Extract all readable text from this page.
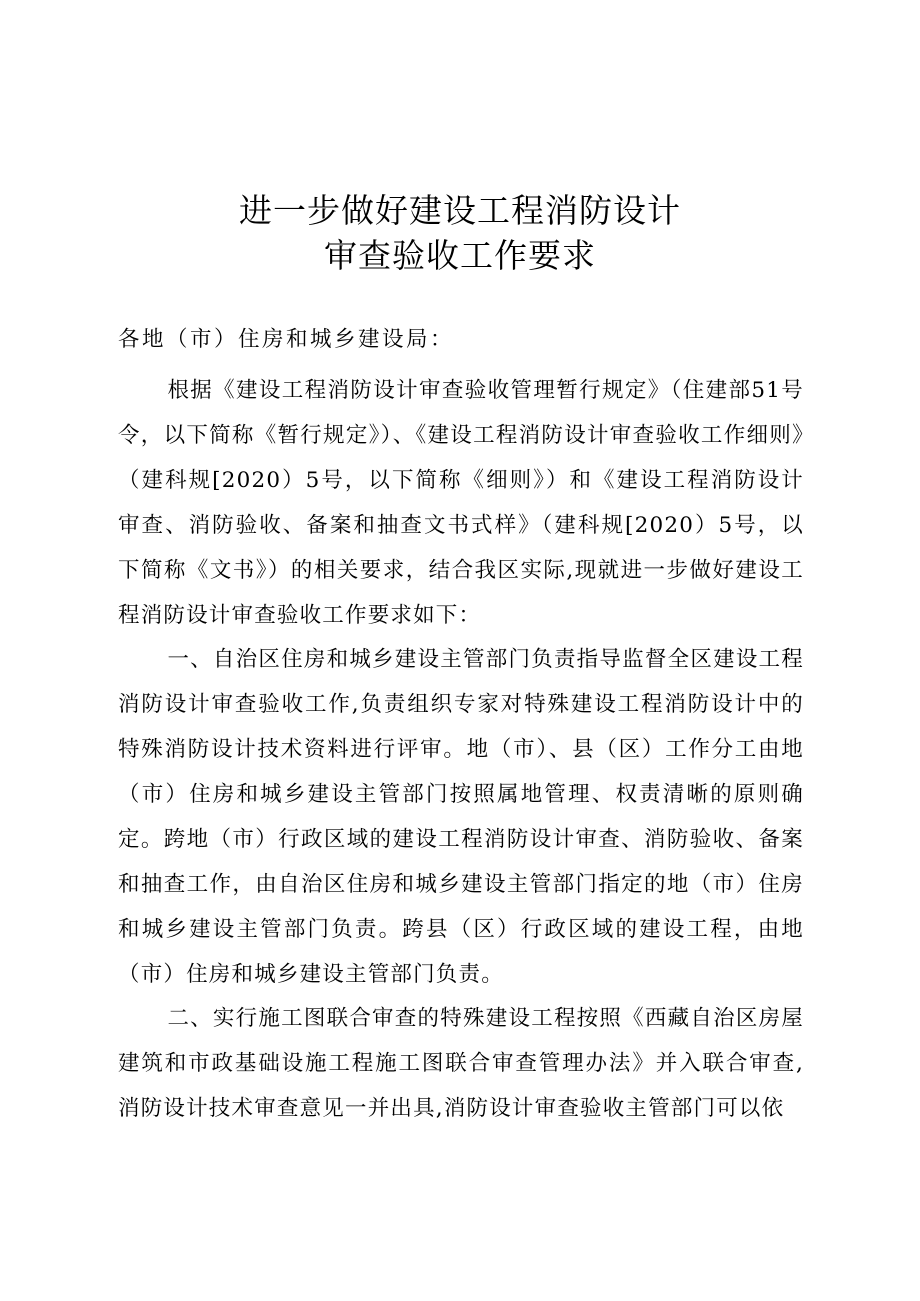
进一步做好建设工程消防设计
审查验收工作要求
各地（市）住房和城乡建设局：

根据《建设工程消防设计审查验收管理暂行规定》（住建部51号令，以下简称《暂行规定》）、《建设工程消防设计审查验收工作细则》（建科规[2020）5号，以下简称《细则》）和《建设工程消防设计审查、消防验收、备案和抽查文书式样》（建科规[2020）5号，以下简称《文书》）的相关要求，结合我区实际,现就进一步做好建设工程消防设计审查验收工作要求如下：

一、自治区住房和城乡建设主管部门负责指导监督全区建设工程消防设计审查验收工作,负责组织专家对特殊建设工程消防设计中的特殊消防设计技术资料进行评审。地（市）、县（区）工作分工由地（市）住房和城乡建设主管部门按照属地管理、权责清晰的原则确定。跨地（市）行政区域的建设工程消防设计审查、消防验收、备案和抽查工作，由自治区住房和城乡建设主管部门指定的地（市）住房和城乡建设主管部门负责。跨县（区）行政区域的建设工程，由地（市）住房和城乡建设主管部门负责。

二、实行施工图联合审查的特殊建设工程按照《西藏自治区房屋建筑和市政基础设施工程施工图联合审查管理办法》并入联合审查,消防设计技术审查意见一并出具,消防设计审查验收主管部门可以依
